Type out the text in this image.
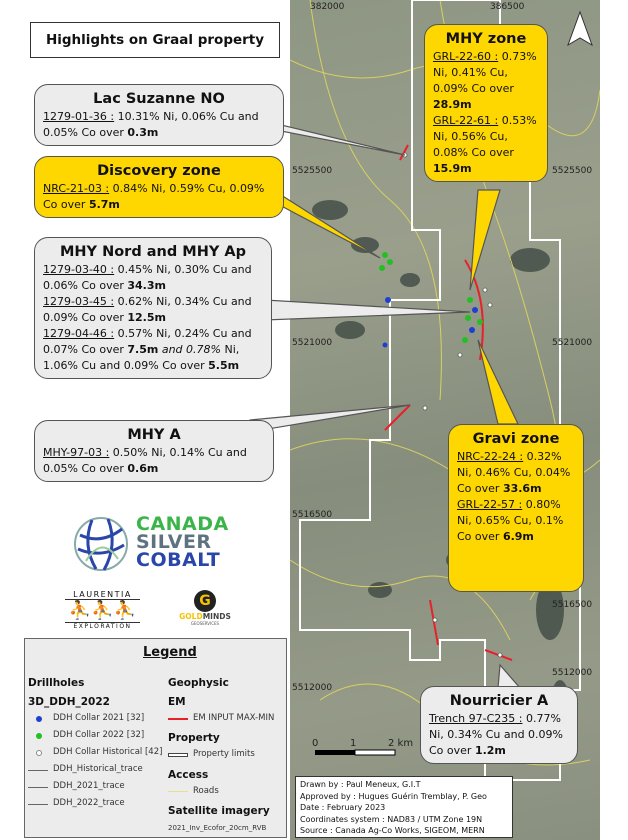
382000	386500
5525500
5521000
5516500
5512000
5525500
5521000
5516500
5512000
0	1	2 km
Highlights on Graal property
Lac Suzanne NO
1279-01-36 : 10.31% Ni, 0.06% Cu and 0.05% Co over 0.3m
Discovery zone
NRC-21-03 : 0.84% Ni, 0.59% Cu, 0.09% Co over 5.7m
MHY Nord and MHY Ap
1279-03-40 : 0.45% Ni, 0.30% Cu and 0.06% Co over 34.3m
1279-03-45 : 0.62% Ni, 0.34% Cu and 0.09% Co over 12.5m
1279-04-46 : 0.57% Ni, 0.24% Cu and 0.07% Co over 7.5m and 0.78% Ni, 1.06% Cu and 0.09% Co over 5.5m
MHY A
MHY-97-03 : 0.50% Ni, 0.14% Cu and 0.05% Co over 0.6m
MHY zone
GRL-22-60 : 0.73% Ni, 0.41% Cu, 0.09% Co over 28.9m
GRL-22-61 : 0.53% Ni, 0.56% Cu, 0.08% Co over 15.9m
Gravi zone
NRC-22-24 : 0.32% Ni, 0.46% Cu, 0.04% Co over 33.6m
GRL-22-57 : 0.80% Ni, 0.65% Cu, 0.1% Co over 6.9m
Nourricier A
Trench 97-C235 : 0.77% Ni, 0.34% Cu and 0.09% Co over 1.2m
CANADA
SILVER
COBALT
LAURENTIA
⛹⛹⛹
EXPLORATION
G
GOLDMINDS
GEOSERVICES
Legend
Drillholes
3D_DDH_2022
DDH Collar 2021 [32]
DDH Collar 2022 [32]
DDH Collar Historical [42]
DDH_Historical_trace
DDH_2021_trace
DDH_2022_trace
Geophysic
EM
EM INPUT MAX-MIN
Property
Property limits
Access
Roads
Satellite imagery
2021_Inv_Ecofor_20cm_RVB
Drawn by : Paul Meneux, G.I.T
Approved by : Hugues Guérin Tremblay, P. Geo
Date : February 2023
Coordinates system : NAD83 / UTM Zone 19N
Source : Canada Ag-Co Works, SIGEOM, MERN
